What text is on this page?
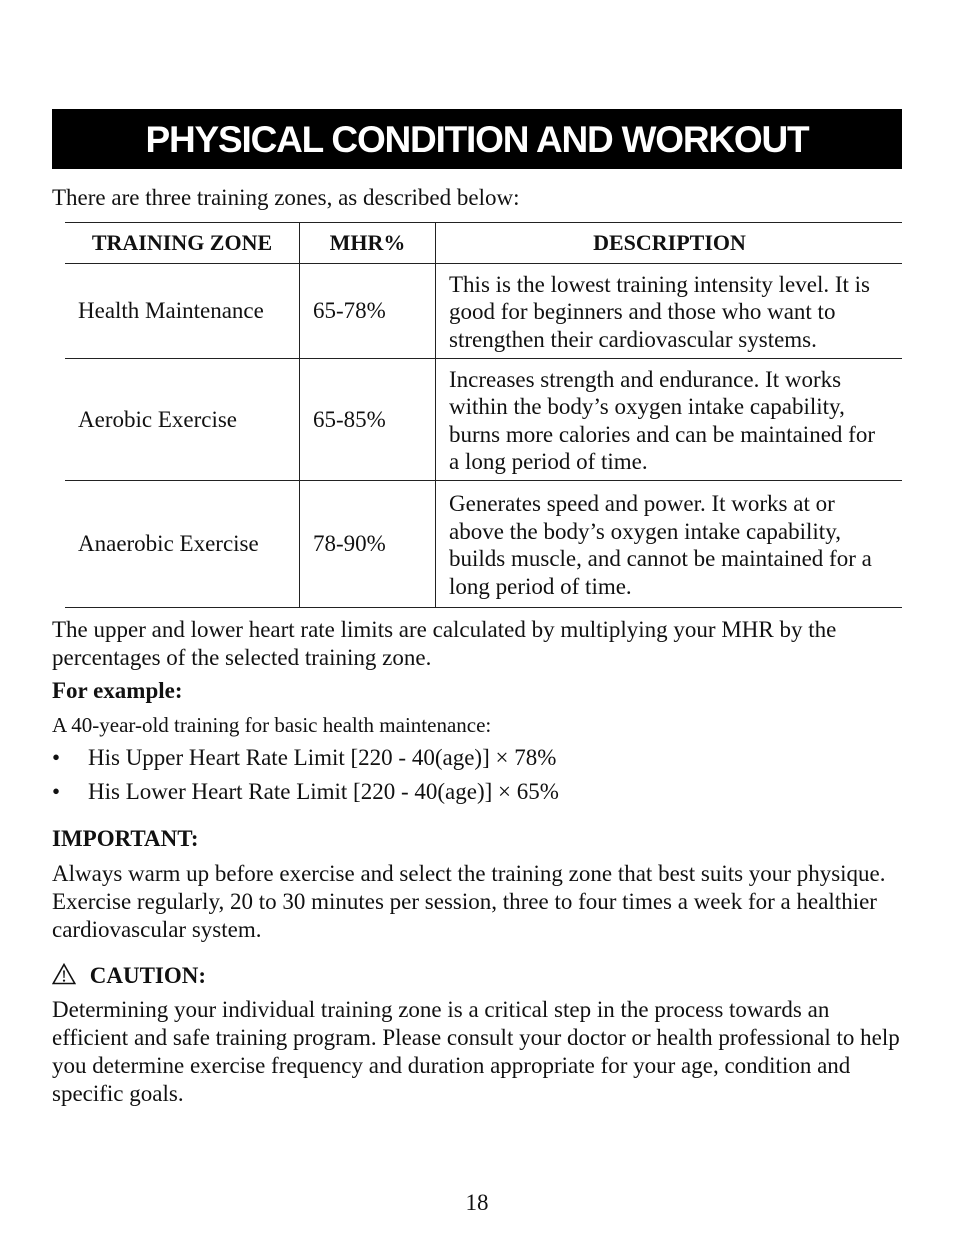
PHYSICAL CONDITION AND WORKOUT
There are three training zones, as described below:
TRAINING ZONE	MHR%	DESCRIPTION
Health Maintenance	65-78%	This is the lowest training intensity level. It is good for beginners and those who want to strengthen their cardiovascular systems.
Aerobic Exercise	65-85%	Increases strength and endurance. It works within the body’s oxygen intake capability, burns more calories and can be maintained for a long period of time.
Anaerobic Exercise	78-90%	Generates speed and power. It works at or above the body’s oxygen intake capability, builds muscle, and cannot be maintained for a long period of time.
The upper and lower heart rate limits are calculated by multiplying your MHR by the percentages of the selected training zone.
For example:
A 40-year-old training for basic health maintenance:
• His Upper Heart Rate Limit [220 - 40(age)] × 78%
• His Lower Heart Rate Limit [220 - 40(age)] × 65%
IMPORTANT:
Always warm up before exercise and select the training zone that best suits your physique. Exercise regularly, 20 to 30 minutes per session, three to four times a week for a healthier cardiovascular system.
CAUTION:
Determining your individual training zone is a critical step in the process towards an efficient and safe training program. Please consult your doctor or health professional to help you determine exercise frequency and duration appropriate for your age, condition and specific goals.
18
